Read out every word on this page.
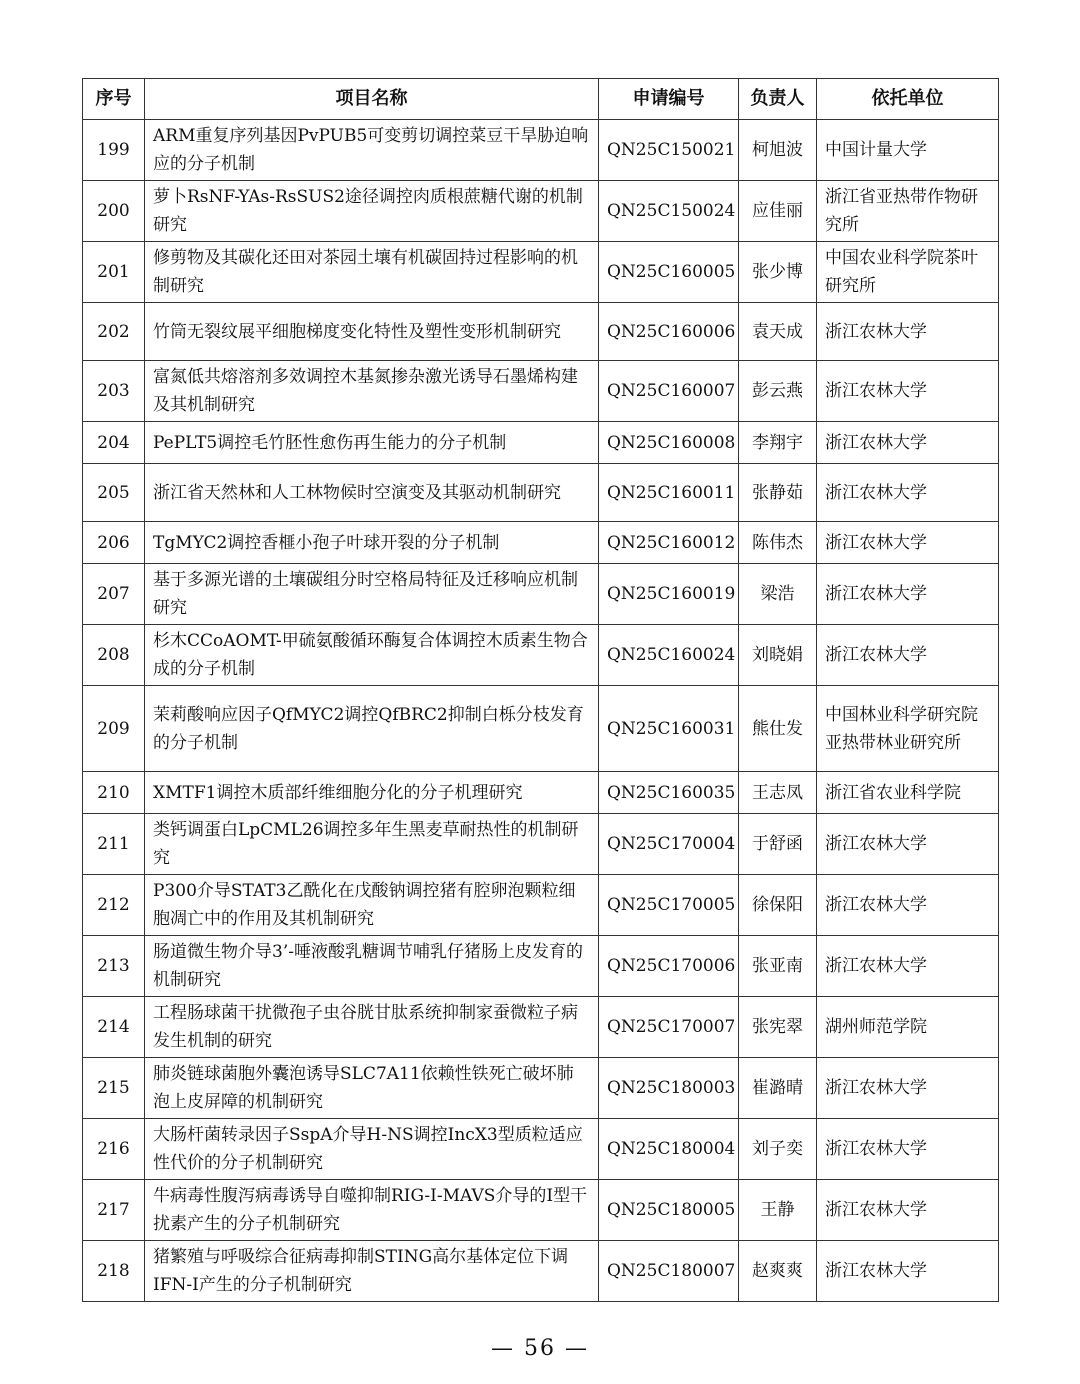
序号	项目名称	申请编号	负责人	依托单位
199	ARM重复序列基因PvPUB5可变剪切调控菜豆干旱胁迫响应的分子机制	QN25C150021	柯旭波	中国计量大学
200	萝卜RsNF-YAs-RsSUS2途径调控肉质根蔗糖代谢的机制研究	QN25C150024	应佳丽	浙江省亚热带作物研究所
201	修剪物及其碳化还田对茶园土壤有机碳固持过程影响的机制研究	QN25C160005	张少博	中国农业科学院茶叶研究所
202	竹筒无裂纹展平细胞梯度变化特性及塑性变形机制研究	QN25C160006	袁天成	浙江农林大学
203	富氮低共熔溶剂多效调控木基氮掺杂激光诱导石墨烯构建及其机制研究	QN25C160007	彭云燕	浙江农林大学
204	PePLT5调控毛竹胚性愈伤再生能力的分子机制	QN25C160008	李翔宇	浙江农林大学
205	浙江省天然林和人工林物候时空演变及其驱动机制研究	QN25C160011	张静茹	浙江农林大学
206	TgMYC2调控香榧小孢子叶球开裂的分子机制	QN25C160012	陈伟杰	浙江农林大学
207	基于多源光谱的土壤碳组分时空格局特征及迁移响应机制研究	QN25C160019	梁浩	浙江农林大学
208	杉木CCoAOMT-甲硫氨酸循环酶复合体调控木质素生物合成的分子机制	QN25C160024	刘晓娟	浙江农林大学
209	茉莉酸响应因子QfMYC2调控QfBRC2抑制白栎分枝发育的分子机制	QN25C160031	熊仕发	中国林业科学研究院亚热带林业研究所
210	XMTF1调控木质部纤维细胞分化的分子机理研究	QN25C160035	王志凤	浙江省农业科学院
211	类钙调蛋白LpCML26调控多年生黑麦草耐热性的机制研究	QN25C170004	于舒函	浙江农林大学
212	P300介导STAT3乙酰化在戊酸钠调控猪有腔卵泡颗粒细胞凋亡中的作用及其机制研究	QN25C170005	徐保阳	浙江农林大学
213	肠道微生物介导3’-唾液酸乳糖调节哺乳仔猪肠上皮发育的机制研究	QN25C170006	张亚南	浙江农林大学
214	工程肠球菌干扰微孢子虫谷胱甘肽系统抑制家蚕微粒子病发生机制的研究	QN25C170007	张宪翠	湖州师范学院
215	肺炎链球菌胞外囊泡诱导SLC7A11依赖性铁死亡破坏肺泡上皮屏障的机制研究	QN25C180003	崔潞晴	浙江农林大学
216	大肠杆菌转录因子SspA介导H-NS调控IncX3型质粒适应性代价的分子机制研究	QN25C180004	刘子奕	浙江农林大学
217	牛病毒性腹泻病毒诱导自噬抑制RIG-I-MAVS介导的I型干扰素产生的分子机制研究	QN25C180005	王静	浙江农林大学
218	猪繁殖与呼吸综合征病毒抑制STING高尔基体定位下调IFN-I产生的分子机制研究	QN25C180007	赵爽爽	浙江农林大学
— 56 —
